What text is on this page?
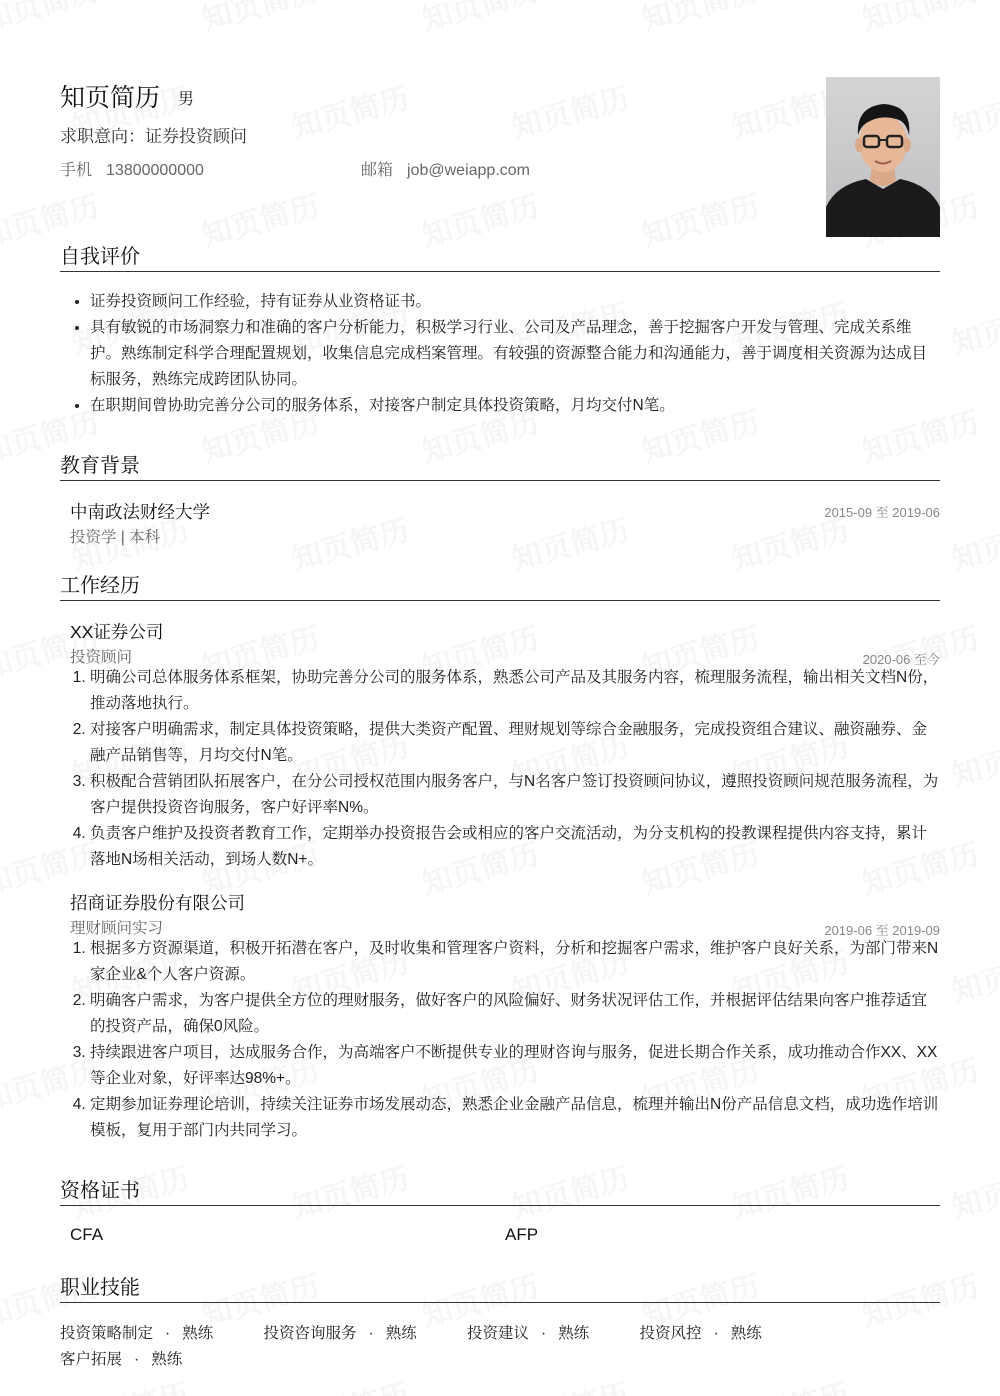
知页简历 男
求职意向：证券投资顾问
手机 13800000000	邮箱 job@weiapp.com
自我评价
• 证券投资顾问工作经验，持有证券从业资格证书。
• 具有敏锐的市场洞察力和准确的客户分析能力，积极学习行业、公司及产品理念，善于挖掘客户开发与管理、完成关系维护。熟练制定科学合理配置规划，收集信息完成档案管理。有较强的资源整合能力和沟通能力，善于调度相关资源为达成目标服务，熟练完成跨团队协同。
• 在职期间曾协助完善分公司的服务体系，对接客户制定具体投资策略，月均交付N笔。
教育背景
中南政法财经大学	2015-09 至 2019-06
投资学 | 本科
工作经历
XX证券公司
投资顾问	2020-06 至今
1. 明确公司总体服务体系框架，协助完善分公司的服务体系，熟悉公司产品及其服务内容，梳理服务流程，输出相关文档N份，推动落地执行。
2. 对接客户明确需求，制定具体投资策略，提供大类资产配置、理财规划等综合金融服务，完成投资组合建议、融资融券、金融产品销售等，月均交付N笔。
3. 积极配合营销团队拓展客户，在分公司授权范围内服务客户，与N名客户签订投资顾问协议，遵照投资顾问规范服务流程，为客户提供投资咨询服务，客户好评率N%。
4. 负责客户维护及投资者教育工作，定期举办投资报告会或相应的客户交流活动，为分支机构的投教课程提供内容支持，累计落地N场相关活动，到场人数N+。
招商证券股份有限公司
理财顾问实习	2019-06 至 2019-09
1. 根据多方资源渠道，积极开拓潜在客户，及时收集和管理客户资料，分析和挖掘客户需求，维护客户良好关系，为部门带来N家企业&个人客户资源。
2. 明确客户需求，为客户提供全方位的理财服务，做好客户的风险偏好、财务状况评估工作，并根据评估结果向客户推荐适宜的投资产品，确保0风险。
3. 持续跟进客户项目，达成服务合作，为高端客户不断提供专业的理财咨询与服务，促进长期合作关系，成功推动合作XX、XX等企业对象，好评率达98%+。
4. 定期参加证券理论培训，持续关注证券市场发展动态，熟悉企业金融产品信息，梳理并输出N份产品信息文档，成功选作培训模板，复用于部门内共同学习。
资格证书
CFA	AFP
职业技能
投资策略制定 · 熟练	投资咨询服务 · 熟练	投资建议 · 熟练	投资风控 · 熟练
客户拓展 · 熟练
